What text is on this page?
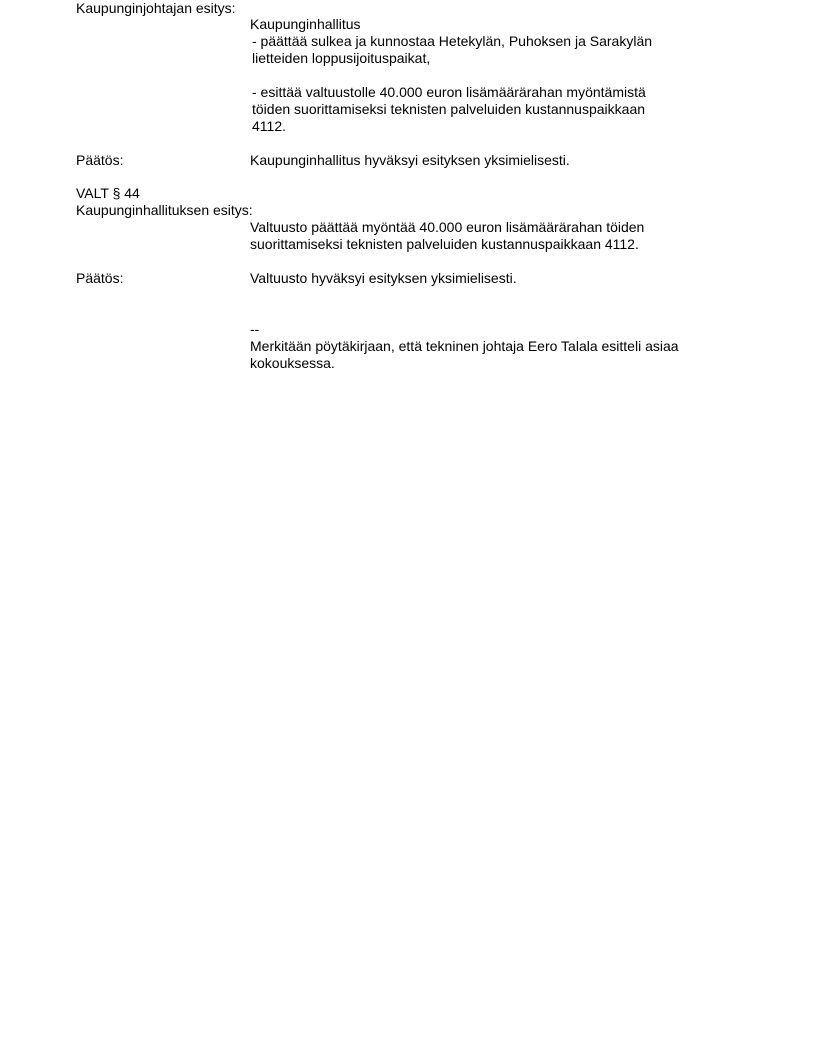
Kaupunginjohtajan esitys:

Kaupunginhallitus

- päättää sulkea ja kunnostaa Hetekylän, Puhoksen ja Sarakylän

lietteiden loppusijoituspaikat,

- esittää valtuustolle 40.000 euron lisämäärärahan myöntämistä

töiden suorittamiseksi teknisten palveluiden kustannuspaikkaan

4112.

Päätös:	Kaupunginhallitus hyväksyi esityksen yksimielisesti.

VALT § 44

Kaupunginhallituksen esitys:

Valtuusto päättää myöntää 40.000 euron lisämäärärahan töiden

suorittamiseksi teknisten palveluiden kustannuspaikkaan 4112.

Päätös:	Valtuusto hyväksyi esityksen yksimielisesti.

--

Merkitään pöytäkirjaan, että tekninen johtaja Eero Talala esitteli asiaa

kokouksessa.
